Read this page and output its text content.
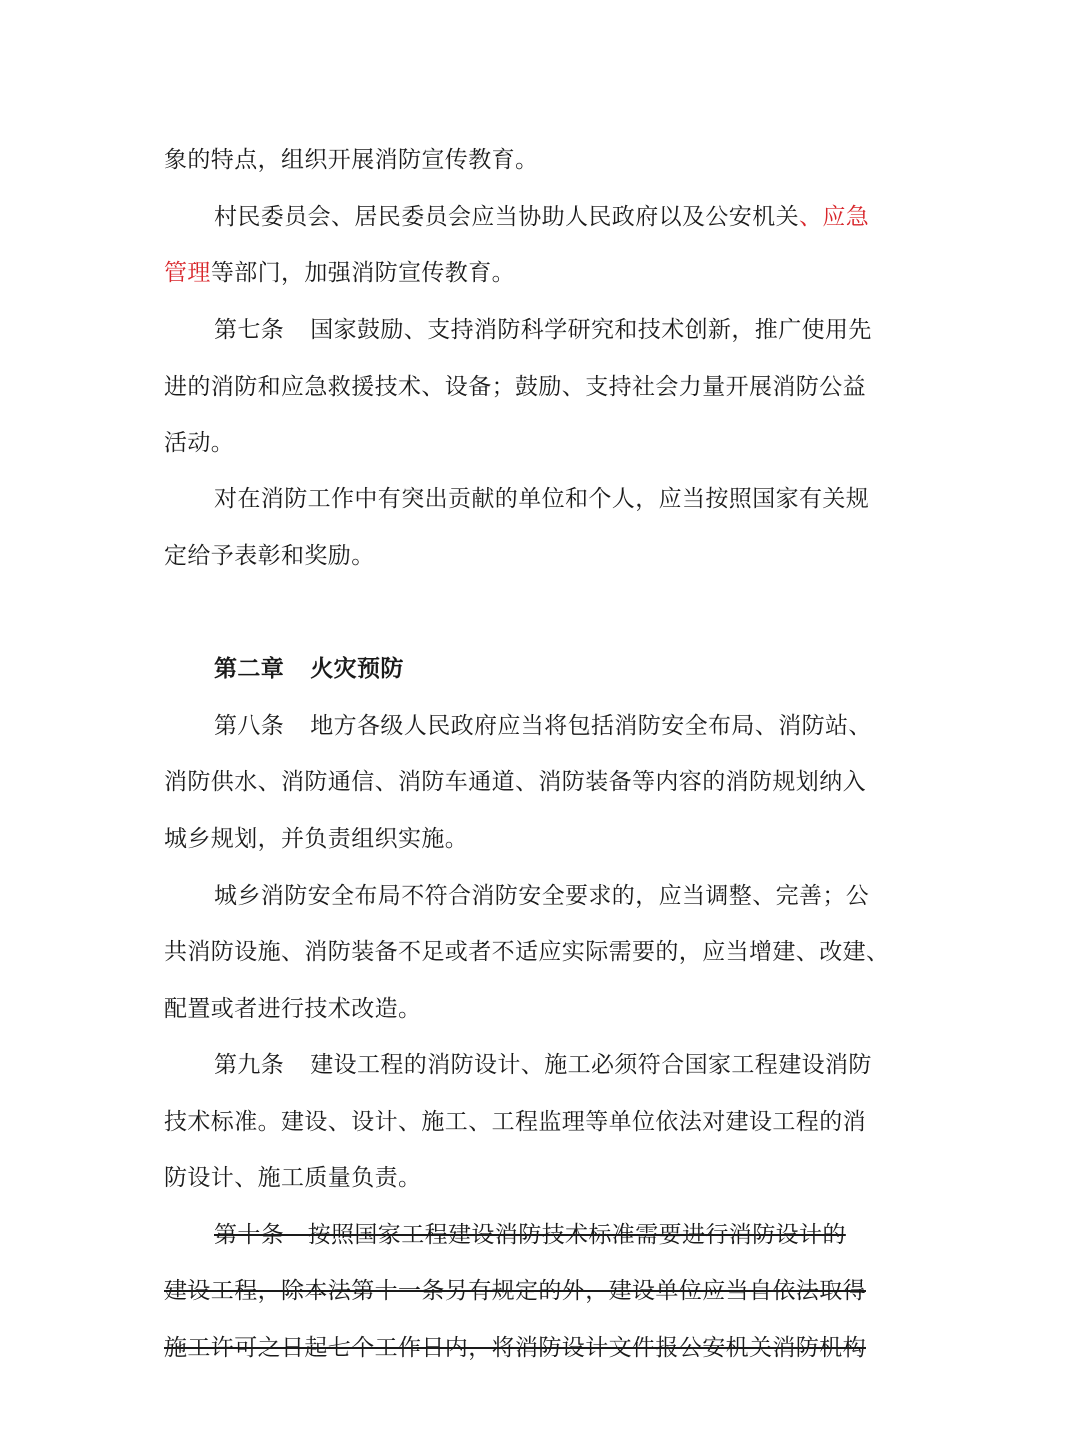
象的特点，组织开展消防宣传教育。
村民委员会、居民委员会应当协助人民政府以及公安机关、应急
管理等部门，加强消防宣传教育。
第七条 国家鼓励、支持消防科学研究和技术创新，推广使用先
进的消防和应急救援技术、设备；鼓励、支持社会力量开展消防公益
活动。
对在消防工作中有突出贡献的单位和个人，应当按照国家有关规
定给予表彰和奖励。
第二章 火灾预防
第八条 地方各级人民政府应当将包括消防安全布局、消防站、
消防供水、消防通信、消防车通道、消防装备等内容的消防规划纳入
城乡规划，并负责组织实施。
城乡消防安全布局不符合消防安全要求的，应当调整、完善；公
共消防设施、消防装备不足或者不适应实际需要的，应当增建、改建、
配置或者进行技术改造。
第九条 建设工程的消防设计、施工必须符合国家工程建设消防
技术标准。建设、设计、施工、工程监理等单位依法对建设工程的消
防设计、施工质量负责。
第十条　按照国家工程建设消防技术标准需要进行消防设计的
建设工程，除本法第十一条另有规定的外，建设单位应当自依法取得
施工许可之日起七个工作日内，将消防设计文件报公安机关消防机构
